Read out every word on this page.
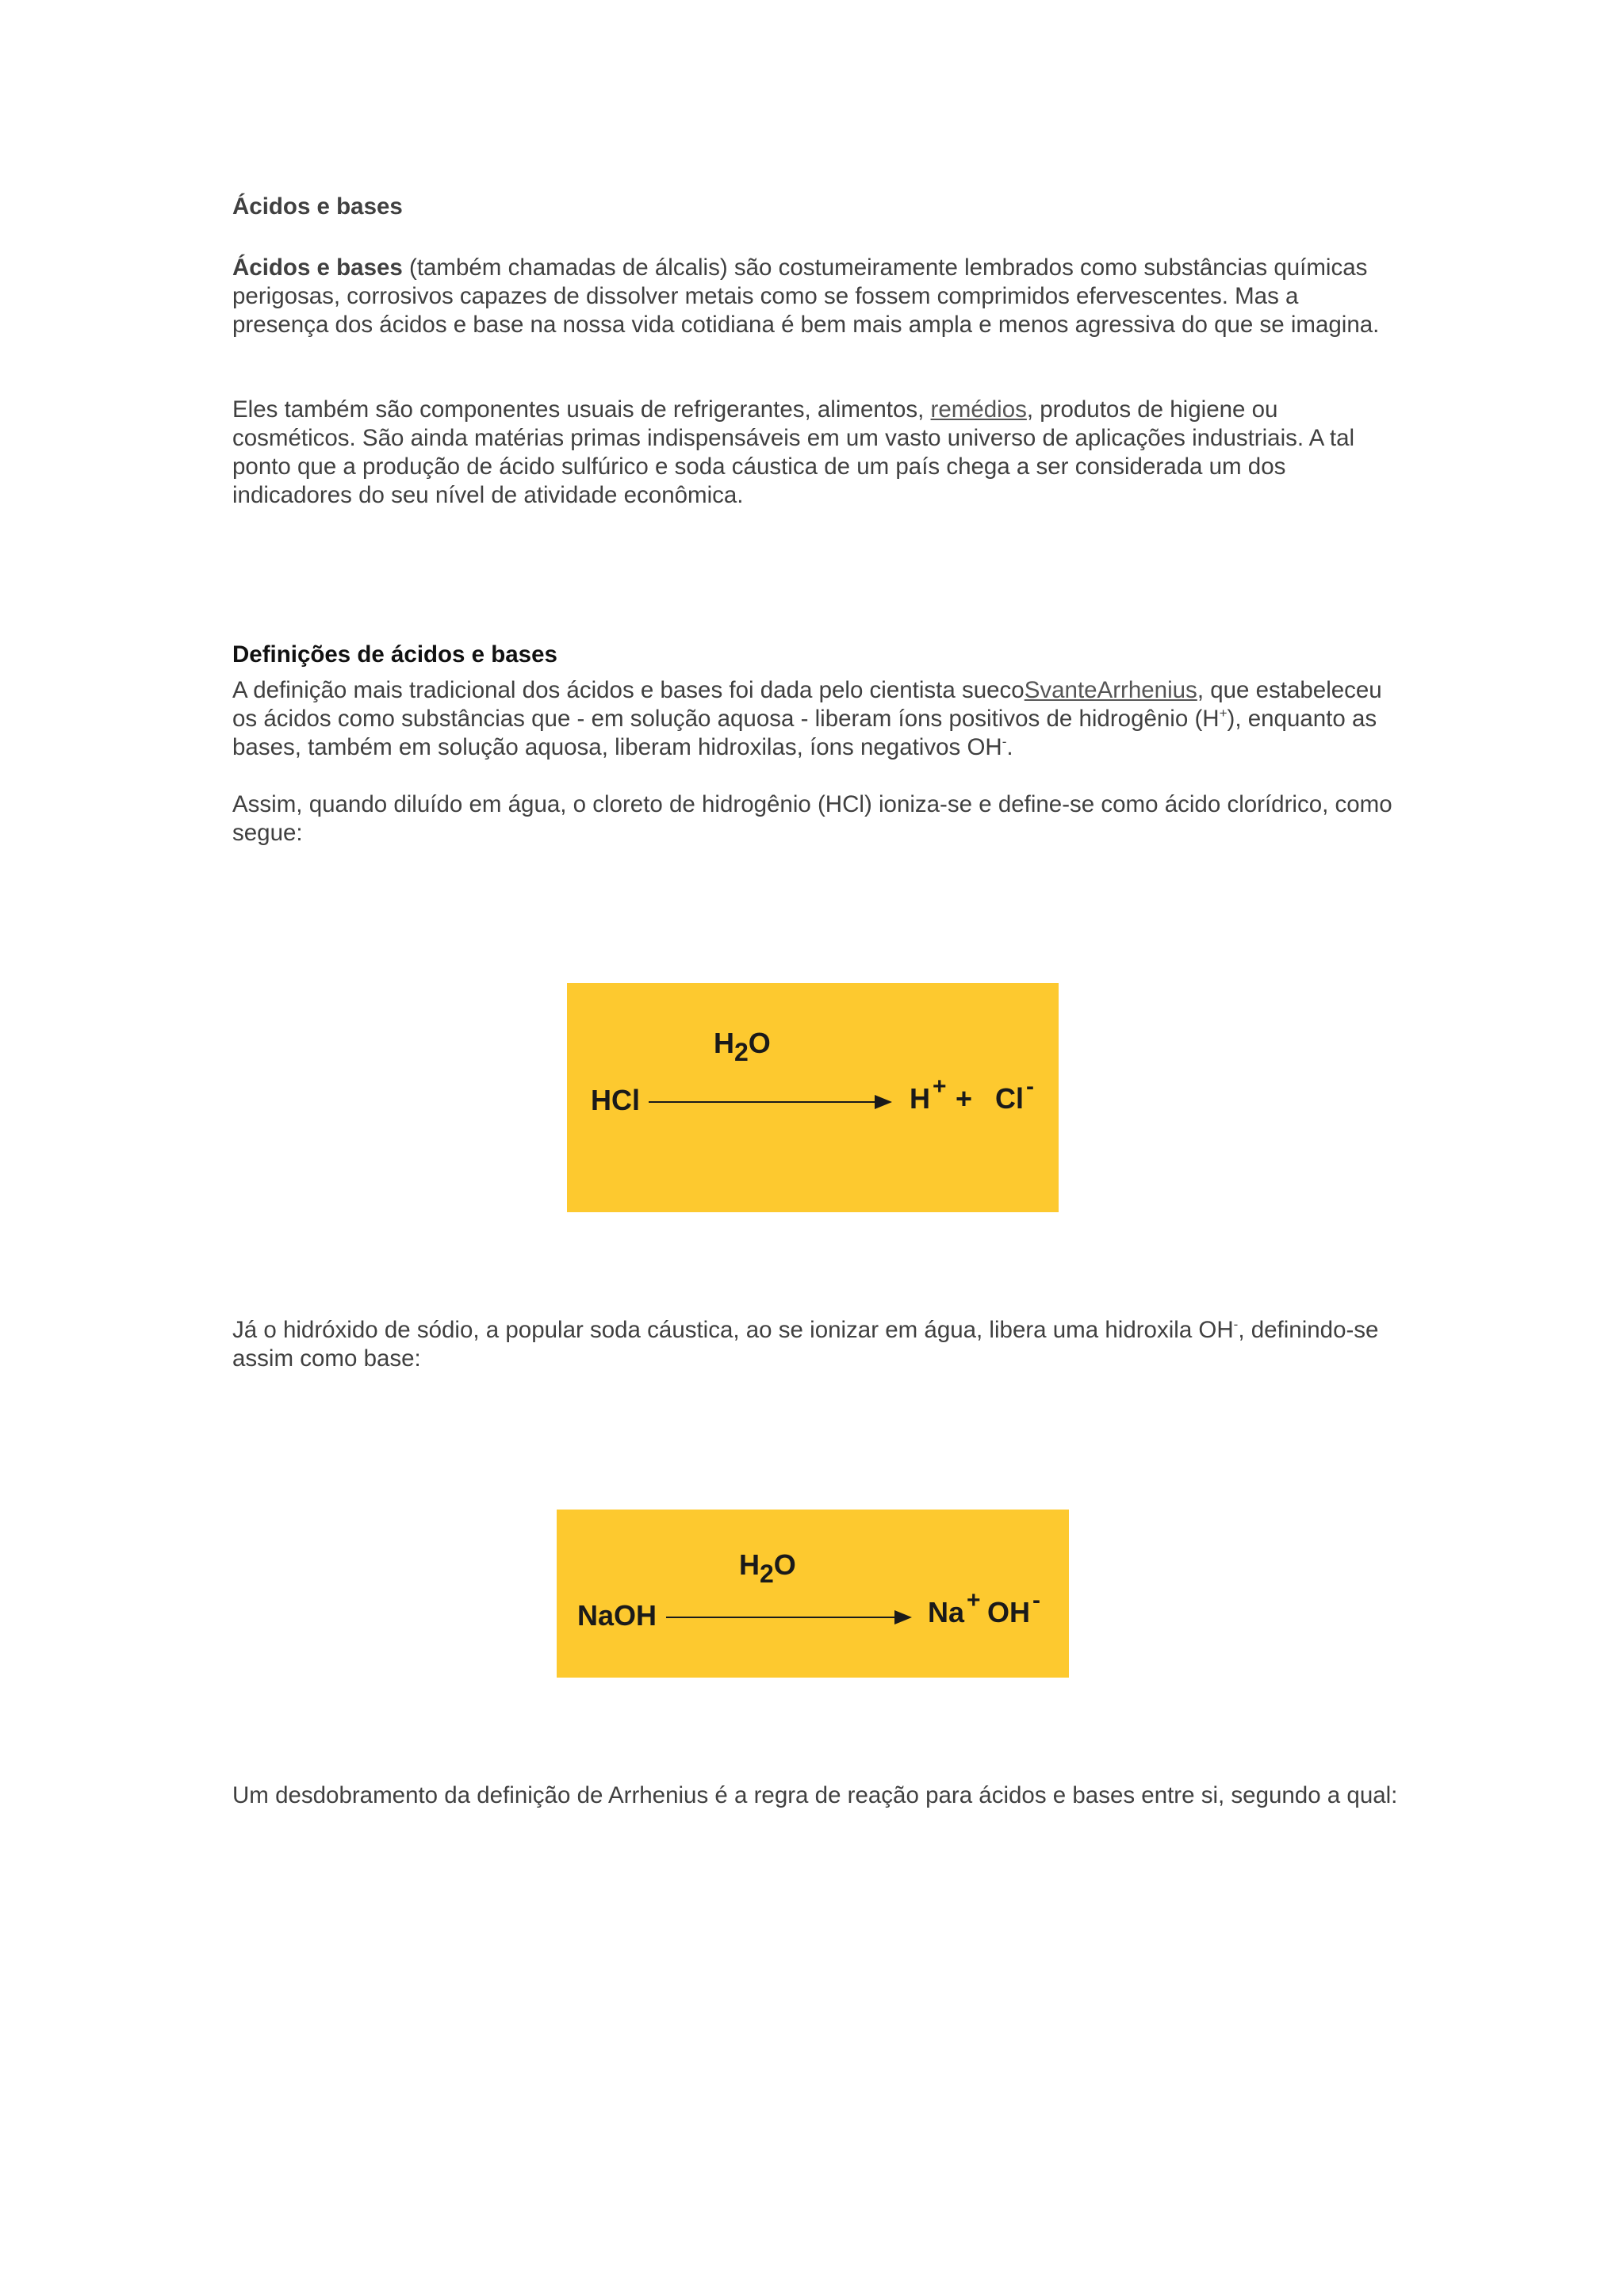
Ácidos e bases

Ácidos e bases (também chamadas de álcalis) são costumeiramente lembrados como substâncias químicas perigosas, corrosivos capazes de dissolver metais como se fossem comprimidos efervescentes. Mas a presença dos ácidos e base na nossa vida cotidiana é bem mais ampla e menos agressiva do que se imagina.

Eles também são componentes usuais de refrigerantes, alimentos, remédios, produtos de higiene ou cosméticos. São ainda matérias primas indispensáveis em um vasto universo de aplicações industriais. A tal ponto que a produção de ácido sulfúrico e soda cáustica de um país chega a ser considerada um dos indicadores do seu nível de atividade econômica.

Definições de ácidos e bases

A definição mais tradicional dos ácidos e bases foi dada pelo cientista suecoSvanteArrhenius, que estabeleceu os ácidos como substâncias que - em solução aquosa - liberam íons positivos de hidrogênio (H+), enquanto as bases, também em solução aquosa, liberam hidroxilas, íons negativos OH-.

Assim, quando diluído em água, o cloreto de hidrogênio (HCl) ioniza-se e define-se como ácido clorídrico, como segue:

Já o hidróxido de sódio, a popular soda cáustica, ao se ionizar em água, libera uma hidroxila OH-, definindo-se assim como base:

Um desdobramento da definição de Arrhenius é a regra de reação para ácidos e bases entre si, segundo a qual:

H2O
HCl	H + + Cl -
H2O
NaOH	Na + OH -
